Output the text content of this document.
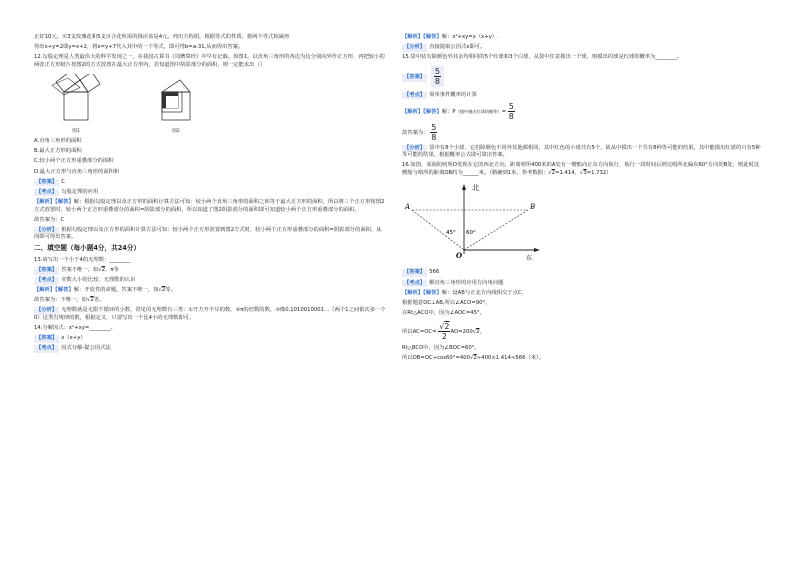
正好10元，买3支玫瑰花和5支百合花所需的钱应该是4元。列出方程组，根据等式的性质，将两个等式相减再

得出x+y=2即y=x+2，将x=y+7代入其中的一个等式，即可得b=a-31,从而得出答案。

12.勾股定理是人类最伟大的科学发现之一，在我国古算书《周髀算经》中早有记载。如图1，以直角三角形的各边为边分别向外作正方形，再把较小的两张正方形纸片按图2的方式放置在最大正方形内，若知道图中阴影部分的面积，则一定能求出（）

图1	图2

A.直角三角形的面积

B.最大正方形的面积

C.较小两个正方形重叠部分的面积

D.最大正方形与直角三角形的面积和

【答案】 C

【考点】 勾股定理的应用

【解析】【解答】解：根据勾股定理以及正方形的面积计算方法可知：较小两个直角三角形的面积之和等于最大正方形的面积，所以将三个正方形按图2方式放置时，较小两个正方形重叠部分的面积=阴影部分的面积，所以知道了图2阴影部分的面积即可知道较小两个正方形重叠部分的面积。

故答案为：C

【分析】 根据勾股定理以及正方形的面积计算方法可知：较小两个正方形放置到图2方式时，较小两个正方形重叠部分的面积=阴影部分的面积，从而即可得出答案。

二、填空题（每小题4分，共24分）

13.请写出一个小于4的无理数：________

【答案】 答案不唯一，如√2，π等

【考点】 实数大小的比较，无理数的认识

【解析】【解答】解：开放性的命题，答案不唯一，如√2等。

故答案为：不唯一，如√2等。

【分析】 无理数就是无限不循环的小数，常见的无理数有三类：①开方开不尽的数，②π的倍数的数，③像0.1010010001…（两个1之间依次多一个0）这类有规律的数，根据定义，只要写出一个比4小的无理数即可。

14.分解因式：x²+xy=________。

【答案】 x（x+y）

【考点】 因式分解-提公因式法

【解析】【解答】解：x²+xy=x（x+y）.

【分析】 直接提取公因式x即可。

15.袋中装有除颜色外其余均相同的5个红球和3个白球，从袋中任意摸出一个球，则摸出的球是红球的概率为________。

【答案】 $\frac{5}{8}$

【考点】 简单事件概率的计算

【解析】【解答】解：P（摸中摸出红球的概率）= $\frac{5}{8}$

故答案为： $\frac{5}{8}$

【分析】 袋中有8个小球，它们除颜色不同外其他都相同，其中红色的小球共有5个，故从中摸出一个共有8种等可能的结果，其中能摸出红球的只有5种等可能的结果，根据概率公式即可算出答案。

16.如图，某海防哨所O发现在它的西北方向，距离哨所400米的A处有一艘船向正东方向航行，航行一段时间后到达哨所北偏东60°方向的B处，则此时这艘船与哨所的距离OB约为______米。（精确到1米，参考数据：√2=1.414，√3=1.732）

北
东
A	B
O
45° 60°

【答案】 566

【考点】 解直角三角形的应用方向角问题

【解析】【解答】解：设AB与正北方向线相交于点C，

根据题意OC⊥AB,所以∠ACO=90°，

在Rt△ACO中，因为∠AOC=45°，

所以$AC=OC= \frac{√2}{2} AO=200√2$，

Rt△BCO中，因为∠BOC=60°，

所以OB=OC÷cos60°=400√2≈400×1.414≈566（米）。
